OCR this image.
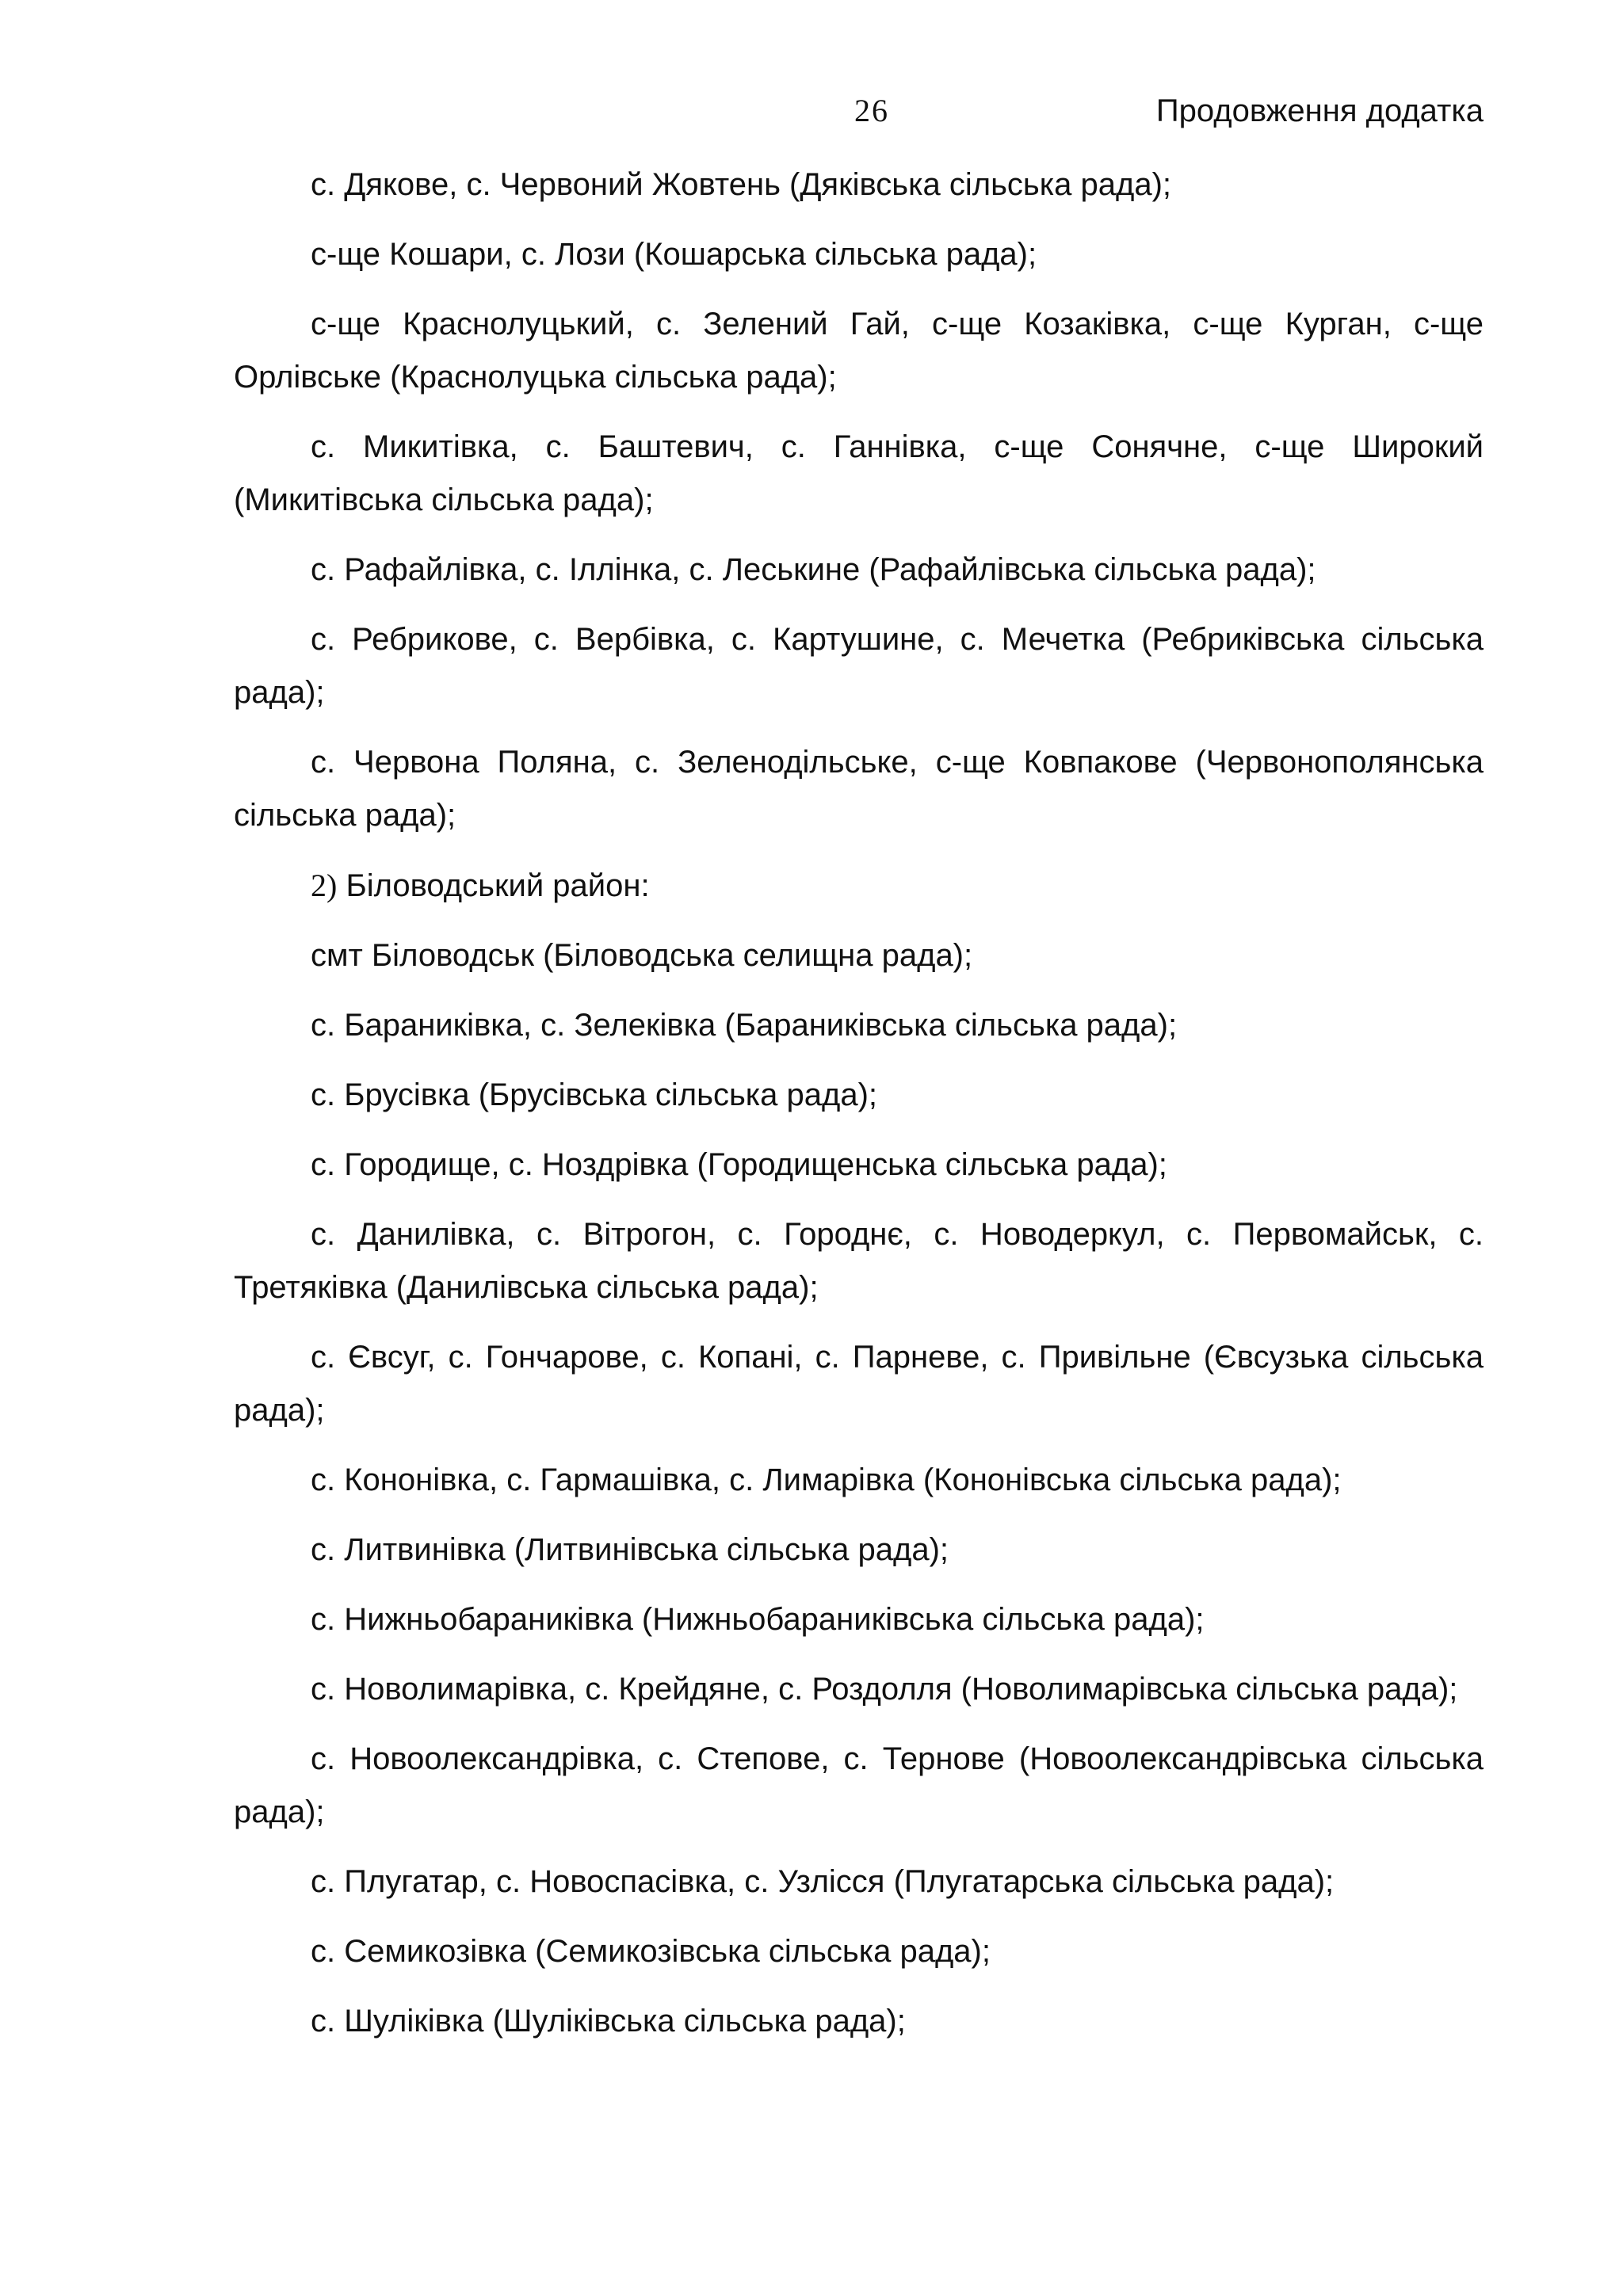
26	Продовження додатка

с. Дякове, с. Червоний Жовтень (Дяківська сільська рада);

с-ще Кошари, с. Лози (Кошарська сільська рада);

с-ще Краснолуцький, с. Зелений Гай, с-ще Козаківка, с-ще Курган, с-ще Орлівське (Краснолуцька сільська рада);

с. Микитівка, с. Баштевич, с. Ганнівка, с-ще Сонячне, с-ще Широкий (Микитівська сільська рада);

с. Рафайлівка, с. Іллінка, с. Леськине (Рафайлівська сільська рада);

с. Ребрикове, с. Вербівка, с. Картушине, с. Мечетка (Ребриківська сільська рада);

с. Червона Поляна, с. Зеленодільське, с-ще Ковпакове (Червонополянська сільська рада);

2) Біловодський район:

смт Біловодськ (Біловодська селищна рада);

с. Бараниківка, с. Зелеківка (Бараниківська сільська рада);

с. Брусівка (Брусівська сільська рада);

с. Городище, с. Ноздрівка (Городищенська сільська рада);

с. Данилівка, с. Вітрогон, с. Городнє, с. Новодеркул, с. Первомайськ, с. Третяківка (Данилівська сільська рада);

с. Євсуг, с. Гончарове, с. Копані, с. Парневе, с. Привільне (Євсузька сільська рада);

с. Кононівка, с. Гармашівка, с. Лимарівка (Кононівська сільська рада);

с. Литвинівка (Литвинівська сільська рада);

с. Нижньобараниківка (Нижньобараниківська сільська рада);

с. Новолимарівка, с. Крейдяне, с. Роздолля (Новолимарівська сільська рада);

с. Новоолександрівка, с. Степове, с. Тернове (Новоолександрівська сільська рада);

с. Плугатар, с. Новоспасівка, с. Узлісся (Плугатарська сільська рада);

с. Семикозівка (Семикозівська сільська рада);

с. Шуліківка (Шуліківська сільська рада);
